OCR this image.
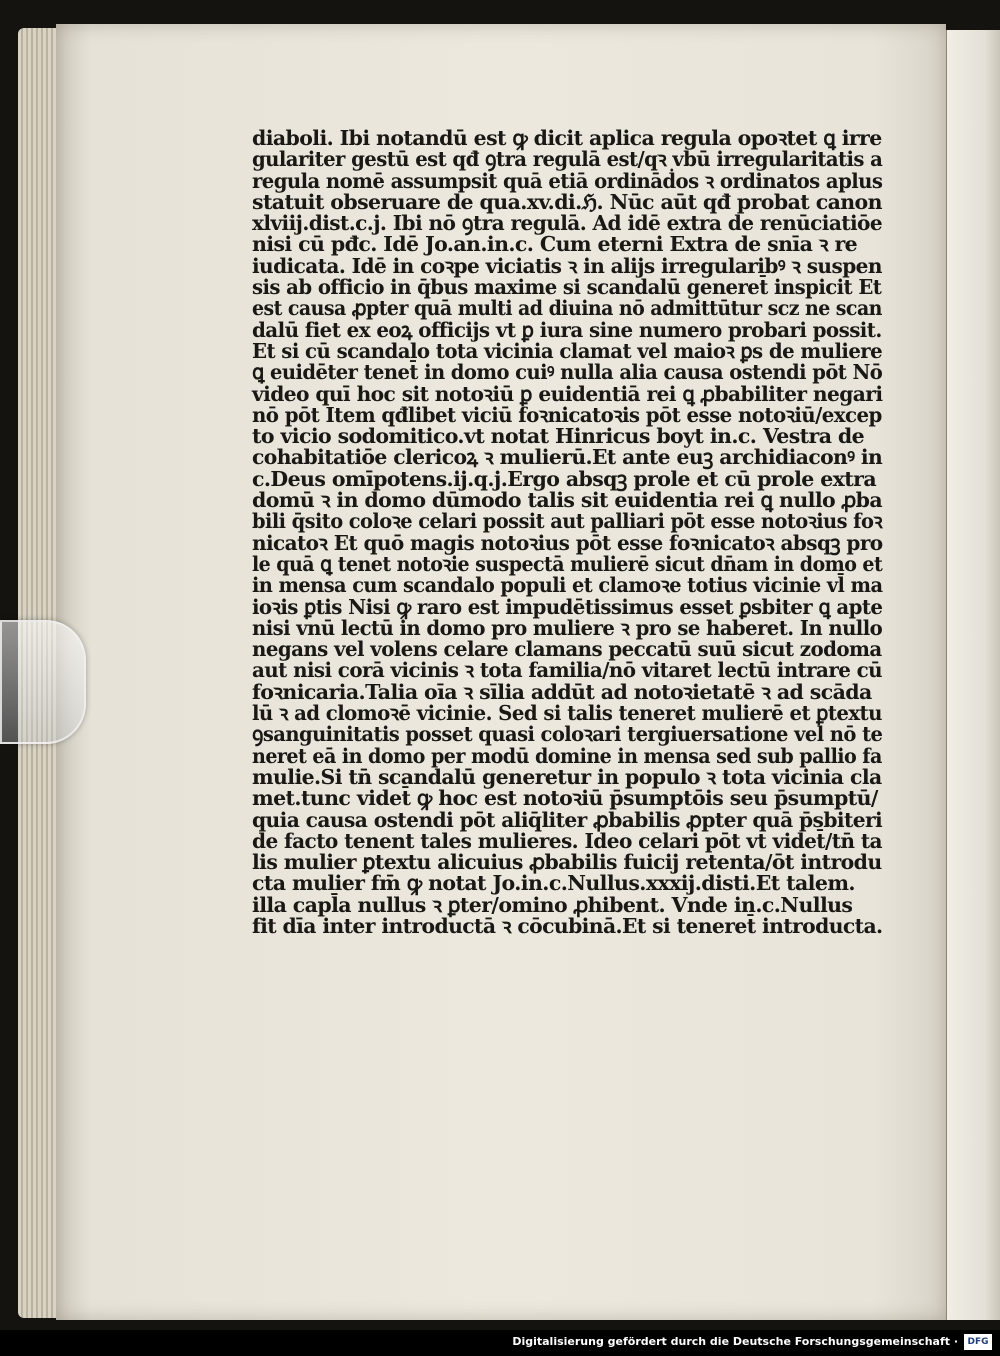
diaboli. Ibi notandū est ꝙ dicit aplica regula opoꝛtet ꝗ irre
gulariter gestū est qđ ꝯtra regulā est/qꝛ vbū irregularitatis a
regula nomē assumpsit quā etiā ordināḋos ꝛ ordinatos aplus
statuit obseruare de qua.xv.di.ℌ. Nūc aūt qđ probat canon
xlviij.dist.c.j. Ibi nō ꝯtra regulā. Ad idē extra de renūciatiōe
nisi cū pđc. Idē Jo.an.in.c. Cum eterni Extra de snīa ꝛ re
iudicata. Idē in coꝛpe viciatis ꝛ in alijs irregularibꝰ ꝛ suspen
sis ab officio in q̄bus maxime si scandalū generet̄ inspicit Et
est causa ꝓpter quā multi ad diuina nō admittūtur scz ne scan
dalū fiet ex eoꝝ officijs vt ꝑ iura sine numero probari possit.
Et si cū scandalo tota vicinia clamat vel maioꝛ ꝑs de muliere
ꝗ euidēter tenet̄ in domo cuiꝰ nulla alia causa ostendi pōt Nō
video quī hoc sit notoꝛiū ꝑ euidentiā rei ꝗ ꝓbabiliter negari
nō pōt Item qđlibet viciū foꝛnicatoꝛis pōt esse notoꝛiū/excep
to vicio sodomitico.vt notat Hinricus boyt in.c. Vestra de
cohabitatiōe clericoꝝ ꝛ mulierū.Et ante euꝫ archidiaconꝰ in
c.Deus omīpotens.ij.q.j.Ergo absqꝫ prole et cū prole extra
domū ꝛ in domo dūmodo talis sit euidentia rei ꝗ nullo ꝓba
bili q̄sito coloꝛe celari possit aut palliari pōt esse notoꝛius foꝛ
nicatoꝛ Et quō magis notoꝛius pōt esse foꝛnicatoꝛ absqꝫ pro
le quā ꝗ tenet notoꝛie suspectā mulierē sicut dn̄am in domo et
in mensa cum scandalo populi et clamoꝛe totius vicinie vl̄ ma
ioꝛis ꝑtis Nisi ꝙ raro est impudētissimus esset ꝑsbiter ꝗ apte
nisi vnū lectū in domo pro muliere ꝛ pro se haberet. In nullo
negans vel volens celare clamans peccatū suū sicut zodoma
aut nisi corā vicinis ꝛ tota familia/nō vitaret lectū intrare cū
foꝛnicaria.Talia oīa ꝛ sīlia addūt ad notoꝛietatē ꝛ ad scāda
lū ꝛ ad clomoꝛē vicinie. Sed si talis teneret mulierē et ꝑtextu
ꝯsanguinitatis posset quasi coloꝛari tergiuersatione vel nō te
neret eā in domo per modū domine in mensa sed sub pallio fa
mulie.Si tn̄ scandalū generetur in populo ꝛ tota vicinia cla
met.tunc videt̄ ꝙ hoc est notoꝛiū p̄sumptōis seu p̄sumptū/
quia causa ostendi pōt aliq̄liter ꝓbabilis ꝓpter quā p̄sbiteri
de facto tenent tales mulieres. Ideo celari pōt vt videt̄/tn̄ ta
lis mulier ꝑtextu alicuius ꝓbabilis fuicij retenta/ōt introdu
cta mulier fm̄ ꝙ notat Jo.in.c.Nullus.xxxij.disti.Et talem.
illa capl̄a nullus ꝛ ꝑter/omino ꝓhibent. Vnde in.c.Nullus
fit dīa inter introductā ꝛ cōcubinā.Et si teneret̄ introducta.
Digitalisierung gefördert durch die Deutsche Forschungsgemeinschaft ·	DFG
